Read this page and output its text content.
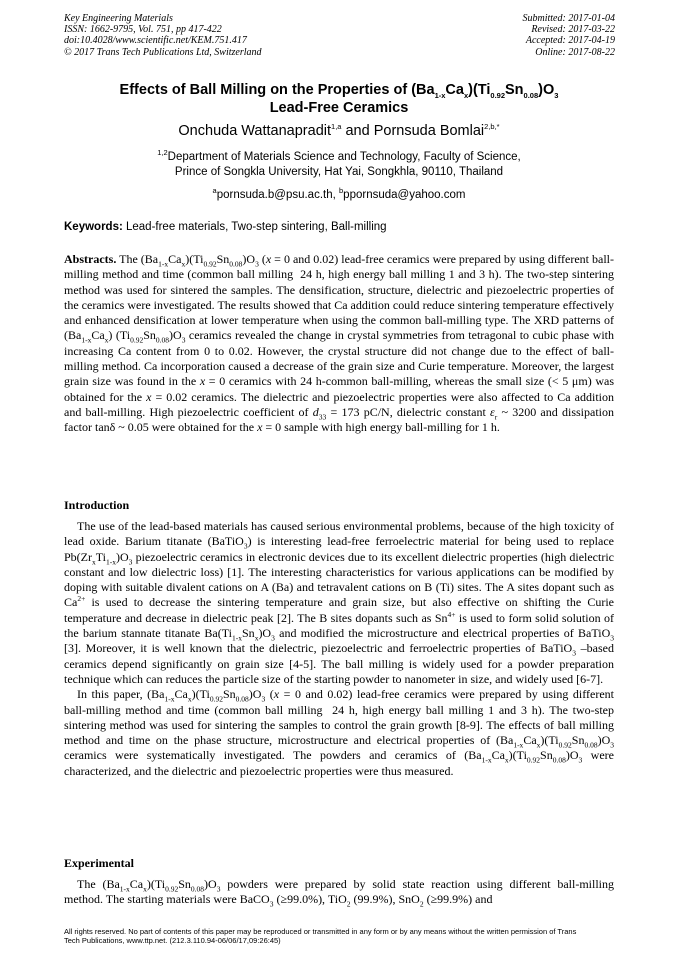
Key Engineering Materials
ISSN: 1662-9795, Vol. 751, pp 417-422
doi:10.4028/www.scientific.net/KEM.751.417
© 2017 Trans Tech Publications Ltd, Switzerland
Submitted: 2017-01-04
Revised: 2017-03-22
Accepted: 2017-04-19
Online: 2017-08-22
Effects of Ball Milling on the Properties of $(Ba_{1-x}Ca_x)(Ti_{0.92}Sn_{0.08})O_3$
Lead-Free Ceramics
Onchuda Wattanapradit$^{1,a}$ and Pornsuda Bomlai$^{2,b,*}$
$^{1,2}$Department of Materials Science and Technology, Faculty of Science,
Prince of Songkla University, Hat Yai, Songkhla, 90110, Thailand
$^a$pornsuda.b@psu.ac.th, $^b$ppornsuda@yahoo.com
Keywords: Lead-free materials, Two-step sintering, Ball-milling

Abstracts. The $(Ba_{1-x}Ca_x)(Ti_{0.92}Sn_{0.08})O_3$ (x = 0 and 0.02) lead-free ceramics were prepared by using different ball-milling method and time (common ball milling  24 h, high energy ball milling 1 and 3 h). The two-step sintering method was used for sintered the samples. The densification, structure, dielectric and piezoelectric properties of the ceramics were investigated. The results showed that Ca addition could reduce sintering temperature effectively and enhanced densification at lower temperature when using the common ball-milling type. The XRD patterns of $(Ba_{1-x}Ca_x)$ $(Ti_{0.92}Sn_{0.08})O_3$ ceramics revealed the change in crystal symmetries from tetragonal to cubic phase with increasing Ca content from 0 to 0.02. However, the crystal structure did not change due to the effect of ball-milling method. Ca incorporation caused a decrease of the grain size and Curie temperature. Moreover, the largest grain size was found in the x = 0 ceramics with 24 h-common ball-milling, whereas the small size (< 5 μm) was obtained for the x = 0.02 ceramics. The dielectric and piezoelectric properties were also affected to Ca addition and ball-milling. High piezoelectric coefficient of $d_{33} = 173$ pC/N, dielectric constant $\varepsilon_r$ ~ 3200 and dissipation factor tanδ ~ 0.05 were obtained for the x = 0 sample with high energy ball-milling for 1 h.

Introduction

The use of the lead-based materials has caused serious environmental problems, because of the high toxicity of lead oxide. Barium titanate (BaTiO$_3$) is interesting lead-free ferroelectric material for being used to replace $Pb(Zr_xTi_{1-x})O_3$ piezoelectric ceramics in electronic devices due to its excellent dielectric properties (high dielectric constant and low dielectric loss) [1]. The interesting characteristics for various applications can be modified by doping with suitable divalent cations on A (Ba) and tetravalent cations on B (Ti) sites. The A sites dopant such as $Ca^{2+}$ is used to decrease the sintering temperature and grain size, but also effective on shifting the Curie temperature and decrease in dielectric peak [2]. The B sites dopants such as $Sn^{4+}$ is used to form solid solution of the barium stannate titanate $Ba(Ti_{1-x}Sn_x)O_3$ and modified the microstructure and electrical properties of BaTiO$_3$ [3]. Moreover, it is well known that the dielectric, piezoelectric and ferroelectric properties of BaTiO$_3$ –based ceramics depend significantly on grain size [4-5]. The ball milling is widely used for a powder preparation technique which can reduces the particle size of the starting powder to nanometer in size, and widely used [6-7].

In this paper, $(Ba_{1-x}Ca_x)(Ti_{0.92}Sn_{0.08})O_3$ (x = 0 and 0.02) lead-free ceramics were prepared by using different ball-milling method and time (common ball milling  24 h, high energy ball milling 1 and 3 h). The two-step sintering method was used for sintering the samples to control the grain growth [8-9]. The effects of ball milling method and time on the phase structure, microstructure and electrical properties of $(Ba_{1-x}Ca_x)(Ti_{0.92}Sn_{0.08})O_3$ ceramics were systematically investigated. The powders and ceramics of $(Ba_{1-x}Ca_x)(Ti_{0.92}Sn_{0.08})O_3$ were characterized, and the dielectric and piezoelectric properties were thus measured.

Experimental

The $(Ba_{1-x}Ca_x)(Ti_{0.92}Sn_{0.08})O_3$ powders were prepared by solid state reaction using different ball-milling method. The starting materials were BaCO$_3$ (≥99.0%), TiO$_2$ (99.9%), SnO$_2$ (≥99.9%) and

All rights reserved. No part of contents of this paper may be reproduced or transmitted in any form or by any means without the written permission of Trans
Tech Publications, www.ttp.net. (212.3.110.94-06/06/17,09:26:45)
